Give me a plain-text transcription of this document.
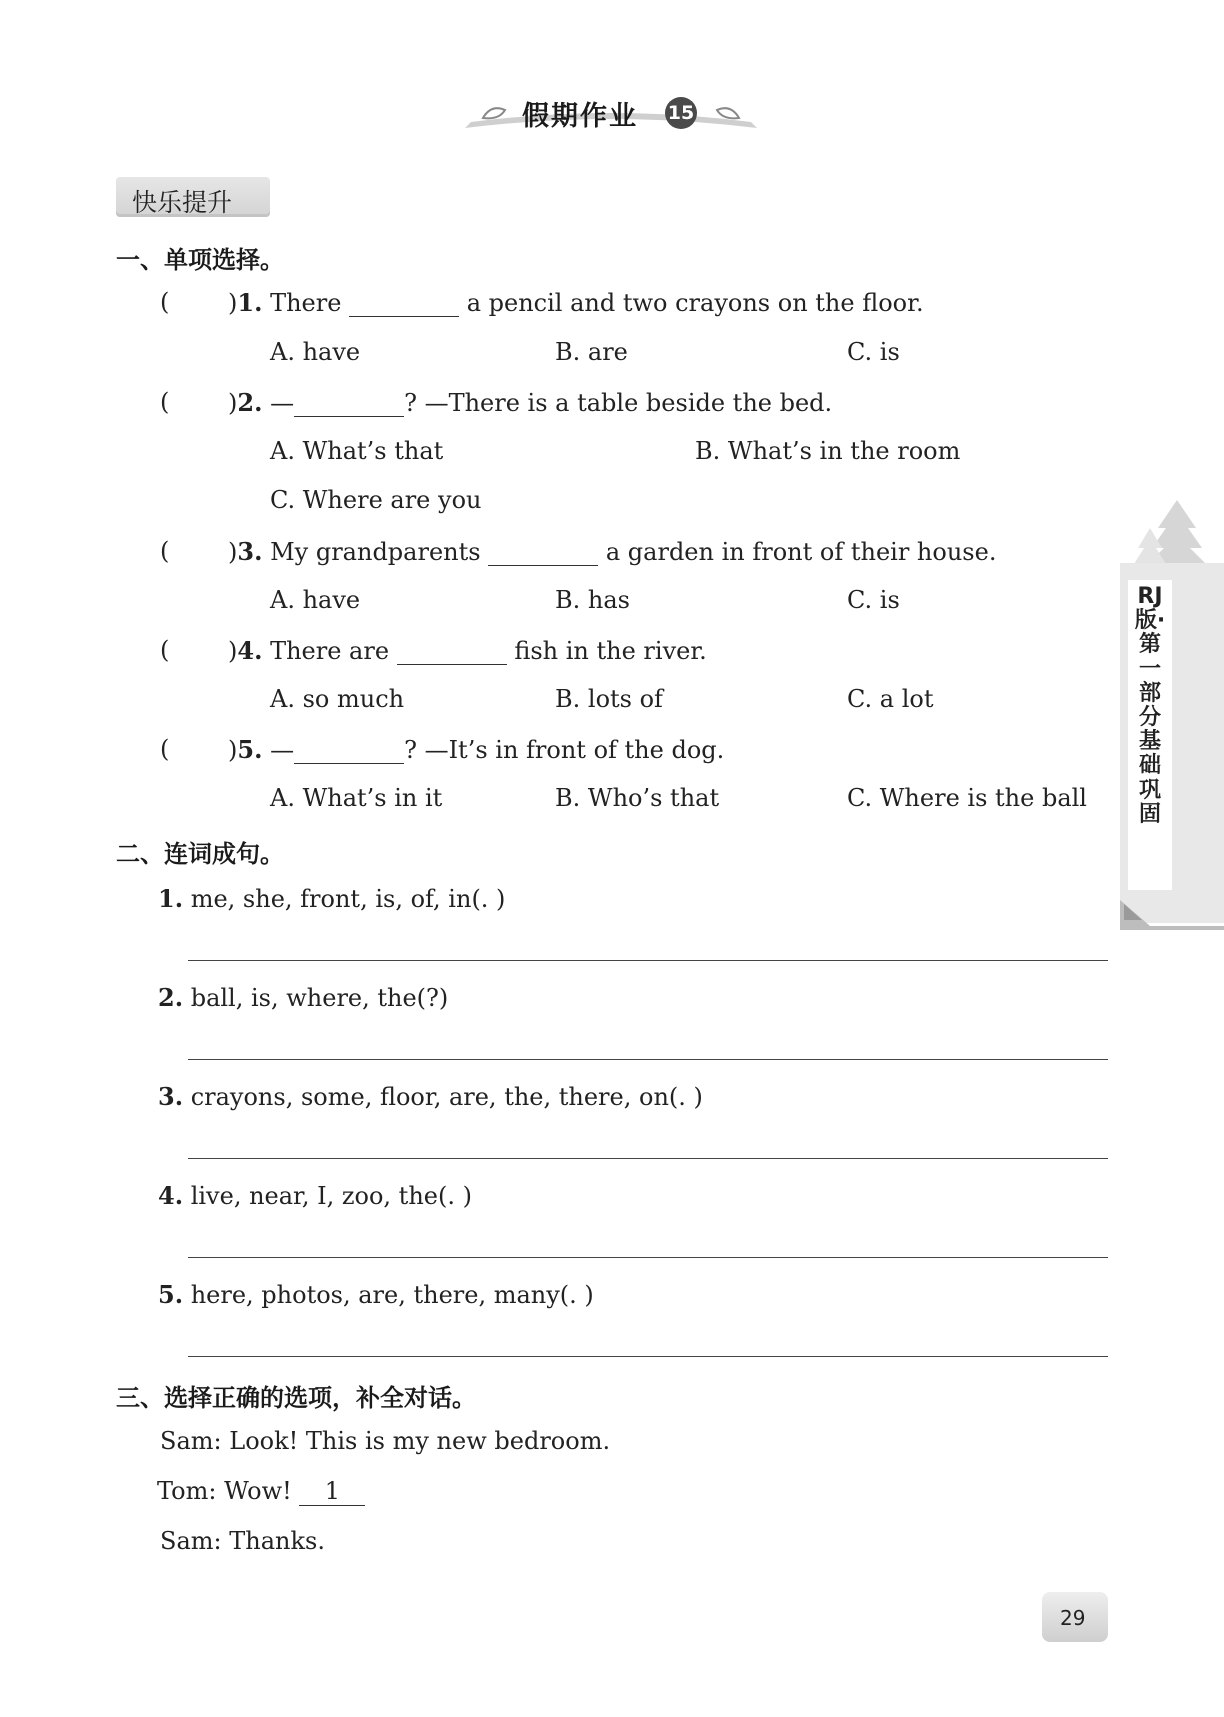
假期作业 15
快乐提升
一、单项选择。
( )1. There	a pencil and two crayons on the floor.
A. have	B. are	C. is
( )2. —	? —There is a table beside the bed.
A. What’s that	B. What’s in the room
C. Where are you
( )3. My grandparents	a garden in front of their house.
A. have	B. has	C. is
( )4. There are	fish in the river.
A. so much	B. lots of	C. a lot
( )5. —	? —It’s in front of the dog.
A. What’s in it	B. Who’s that	C. Where is the ball
二、连词成句。
1. me, she, front, is, of, in(. )
2. ball, is, where, the(?)
3. crayons, some, floor, are, the, there, on(. )
4. live, near, I, zoo, the(. )
5. here, photos, are, there, many(. )
三、选择正确的选项，补全对话。
Sam: Look! This is my new bedroom.
Tom: Wow! 1
Sam: Thanks.
RJ版·第一部分 基础巩固
29
